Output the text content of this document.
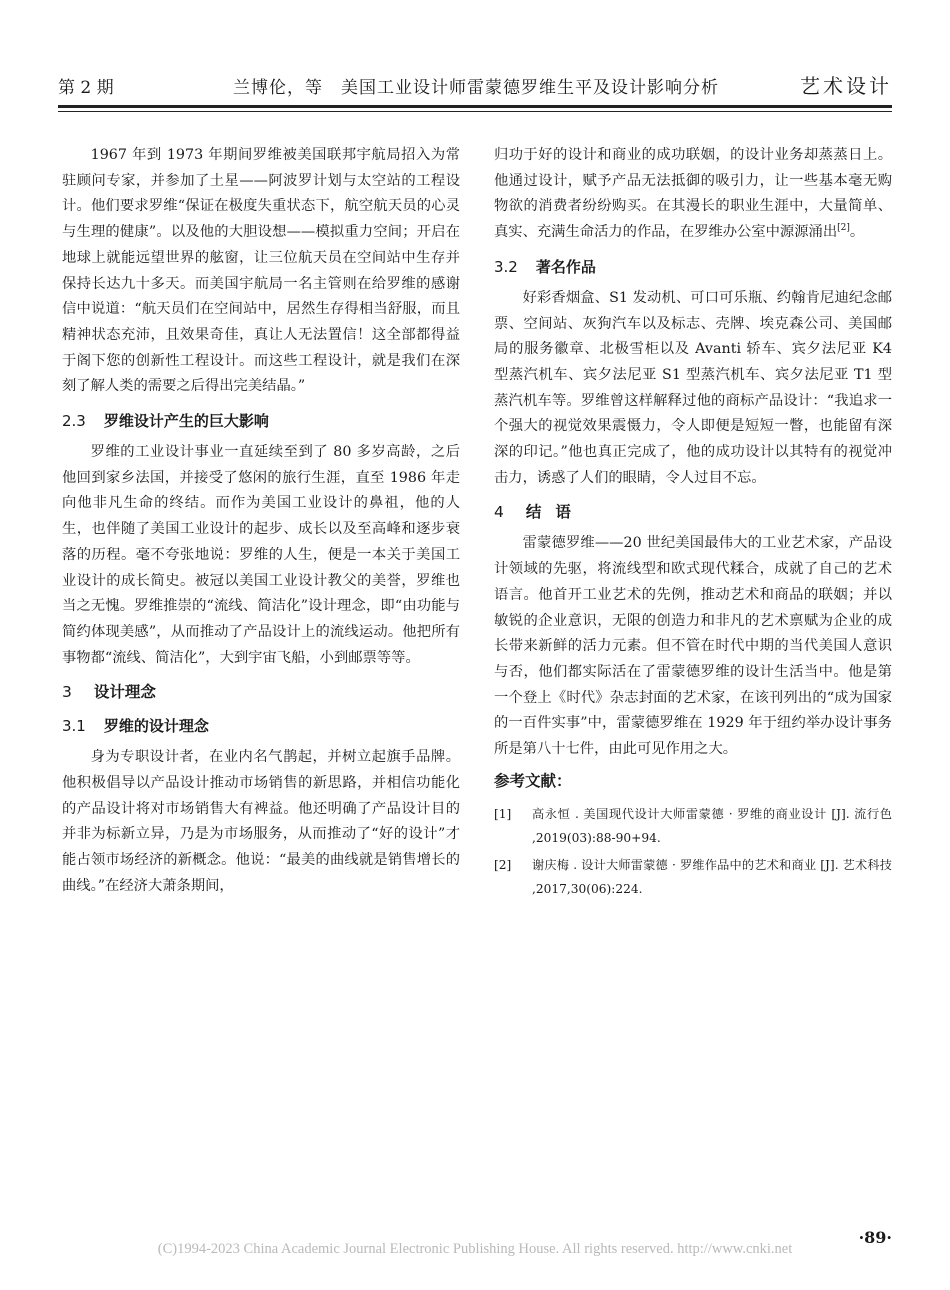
第 2 期	兰博伦，等　美国工业设计师雷蒙德罗维生平及设计影响分析	艺术设计

1967 年到 1973 年期间罗维被美国联邦宇航局招入为常驻顾问专家，并参加了土星——阿波罗计划与太空站的工程设计。他们要求罗维“保证在极度失重状态下，航空航天员的心灵与生理的健康”。以及他的大胆设想——模拟重力空间；开启在地球上就能远望世界的舷窗，让三位航天员在空间站中生存并保持长达九十多天。而美国宇航局一名主管则在给罗维的感谢信中说道：“航天员们在空间站中，居然生存得相当舒服，而且精神状态充沛，且效果奇佳，真让人无法置信！这全部都得益于阁下您的创新性工程设计。而这些工程设计，就是我们在深刻了解人类的需要之后得出完美结晶。”

2.3 罗维设计产生的巨大影响

罗维的工业设计事业一直延续至到了 80 多岁高龄，之后他回到家乡法国，并接受了悠闲的旅行生涯，直至 1986 年走向他非凡生命的终结。而作为美国工业设计的鼻祖，他的人生，也伴随了美国工业设计的起步、成长以及至高峰和逐步衰落的历程。毫不夸张地说：罗维的人生，便是一本关于美国工业设计的成长简史。被冠以美国工业设计教父的美誉，罗维也当之无愧。罗维推崇的“流线、简洁化”设计理念，即“由功能与简约体现美感”，从而推动了产品设计上的流线运动。他把所有事物都“流线、简洁化”，大到宇宙飞船，小到邮票等等。

3 设计理念
3.1 罗维的设计理念

身为专职设计者，在业内名气鹊起，并树立起旗手品牌。他积极倡导以产品设计推动市场销售的新思路，并相信功能化的产品设计将对市场销售大有裨益。他还明确了产品设计目的并非为标新立异，乃是为市场服务，从而推动了“好的设计”才能占领市场经济的新概念。他说：“最美的曲线就是销售增长的曲线。”在经济大萧条期间，

归功于好的设计和商业的成功联姻，的设计业务却蒸蒸日上。他通过设计，赋予产品无法抵御的吸引力，让一些基本毫无购物欲的消费者纷纷购买。在其漫长的职业生涯中，大量简单、真实、充满生命活力的作品，在罗维办公室中源源涌出[2]。

3.2 著名作品

好彩香烟盒、S1 发动机、可口可乐瓶、约翰肯尼迪纪念邮票、空间站、灰狗汽车以及标志、壳牌、埃克森公司、美国邮局的服务徽章、北极雪柜以及 Avanti 轿车、宾夕法尼亚 K4 型蒸汽机车、宾夕法尼亚 S1 型蒸汽机车、宾夕法尼亚 T1 型蒸汽机车等。罗维曾这样解释过他的商标产品设计：“我追求一个强大的视觉效果震慑力，令人即便是短短一瞥，也能留有深深的印记。”他也真正完成了，他的成功设计以其特有的视觉冲击力，诱惑了人们的眼睛，令人过目不忘。

4 结语

雷蒙德罗维——20 世纪美国最伟大的工业艺术家，产品设计领域的先驱，将流线型和欧式现代糅合，成就了自己的艺术语言。他首开工业艺术的先例，推动艺术和商品的联姻；并以敏锐的企业意识，无限的创造力和非凡的艺术禀赋为企业的成长带来新鲜的活力元素。但不管在时代中期的当代美国人意识与否，他们都实际活在了雷蒙德罗维的设计生活当中。他是第一个登上《时代》杂志封面的艺术家，在该刊列出的“成为国家的一百件实事”中，雷蒙德罗维在 1929 年于纽约举办设计事务所是第八十七件，由此可见作用之大。

参考文献：
[1] 高永恒 . 美国现代设计大师雷蒙德 · 罗维的商业设计 [J]. 流行色 ,2019(03):88-90+94.
[2] 谢庆梅 . 设计大师雷蒙德 · 罗维作品中的艺术和商业 [J]. 艺术科技 ,2017,30(06):224.
·89·
(C)1994-2023 China Academic Journal Electronic Publishing House. All rights reserved. http://www.cnki.net
